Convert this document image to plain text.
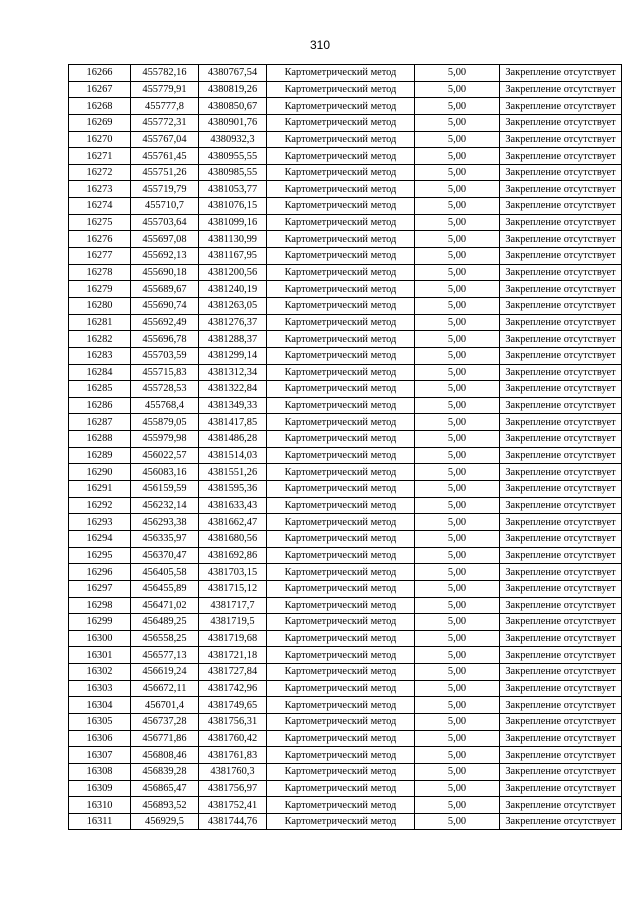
310
16266	455782,16	4380767,54	Картометрический метод	5,00	Закрепление отсутствует
16267	455779,91	4380819,26	Картометрический метод	5,00	Закрепление отсутствует
16268	455777,8	4380850,67	Картометрический метод	5,00	Закрепление отсутствует
16269	455772,31	4380901,76	Картометрический метод	5,00	Закрепление отсутствует
16270	455767,04	4380932,3	Картометрический метод	5,00	Закрепление отсутствует
16271	455761,45	4380955,55	Картометрический метод	5,00	Закрепление отсутствует
16272	455751,26	4380985,55	Картометрический метод	5,00	Закрепление отсутствует
16273	455719,79	4381053,77	Картометрический метод	5,00	Закрепление отсутствует
16274	455710,7	4381076,15	Картометрический метод	5,00	Закрепление отсутствует
16275	455703,64	4381099,16	Картометрический метод	5,00	Закрепление отсутствует
16276	455697,08	4381130,99	Картометрический метод	5,00	Закрепление отсутствует
16277	455692,13	4381167,95	Картометрический метод	5,00	Закрепление отсутствует
16278	455690,18	4381200,56	Картометрический метод	5,00	Закрепление отсутствует
16279	455689,67	4381240,19	Картометрический метод	5,00	Закрепление отсутствует
16280	455690,74	4381263,05	Картометрический метод	5,00	Закрепление отсутствует
16281	455692,49	4381276,37	Картометрический метод	5,00	Закрепление отсутствует
16282	455696,78	4381288,37	Картометрический метод	5,00	Закрепление отсутствует
16283	455703,59	4381299,14	Картометрический метод	5,00	Закрепление отсутствует
16284	455715,83	4381312,34	Картометрический метод	5,00	Закрепление отсутствует
16285	455728,53	4381322,84	Картометрический метод	5,00	Закрепление отсутствует
16286	455768,4	4381349,33	Картометрический метод	5,00	Закрепление отсутствует
16287	455879,05	4381417,85	Картометрический метод	5,00	Закрепление отсутствует
16288	455979,98	4381486,28	Картометрический метод	5,00	Закрепление отсутствует
16289	456022,57	4381514,03	Картометрический метод	5,00	Закрепление отсутствует
16290	456083,16	4381551,26	Картометрический метод	5,00	Закрепление отсутствует
16291	456159,59	4381595,36	Картометрический метод	5,00	Закрепление отсутствует
16292	456232,14	4381633,43	Картометрический метод	5,00	Закрепление отсутствует
16293	456293,38	4381662,47	Картометрический метод	5,00	Закрепление отсутствует
16294	456335,97	4381680,56	Картометрический метод	5,00	Закрепление отсутствует
16295	456370,47	4381692,86	Картометрический метод	5,00	Закрепление отсутствует
16296	456405,58	4381703,15	Картометрический метод	5,00	Закрепление отсутствует
16297	456455,89	4381715,12	Картометрический метод	5,00	Закрепление отсутствует
16298	456471,02	4381717,7	Картометрический метод	5,00	Закрепление отсутствует
16299	456489,25	4381719,5	Картометрический метод	5,00	Закрепление отсутствует
16300	456558,25	4381719,68	Картометрический метод	5,00	Закрепление отсутствует
16301	456577,13	4381721,18	Картометрический метод	5,00	Закрепление отсутствует
16302	456619,24	4381727,84	Картометрический метод	5,00	Закрепление отсутствует
16303	456672,11	4381742,96	Картометрический метод	5,00	Закрепление отсутствует
16304	456701,4	4381749,65	Картометрический метод	5,00	Закрепление отсутствует
16305	456737,28	4381756,31	Картометрический метод	5,00	Закрепление отсутствует
16306	456771,86	4381760,42	Картометрический метод	5,00	Закрепление отсутствует
16307	456808,46	4381761,83	Картометрический метод	5,00	Закрепление отсутствует
16308	456839,28	4381760,3	Картометрический метод	5,00	Закрепление отсутствует
16309	456865,47	4381756,97	Картометрический метод	5,00	Закрепление отсутствует
16310	456893,52	4381752,41	Картометрический метод	5,00	Закрепление отсутствует
16311	456929,5	4381744,76	Картометрический метод	5,00	Закрепление отсутствует
